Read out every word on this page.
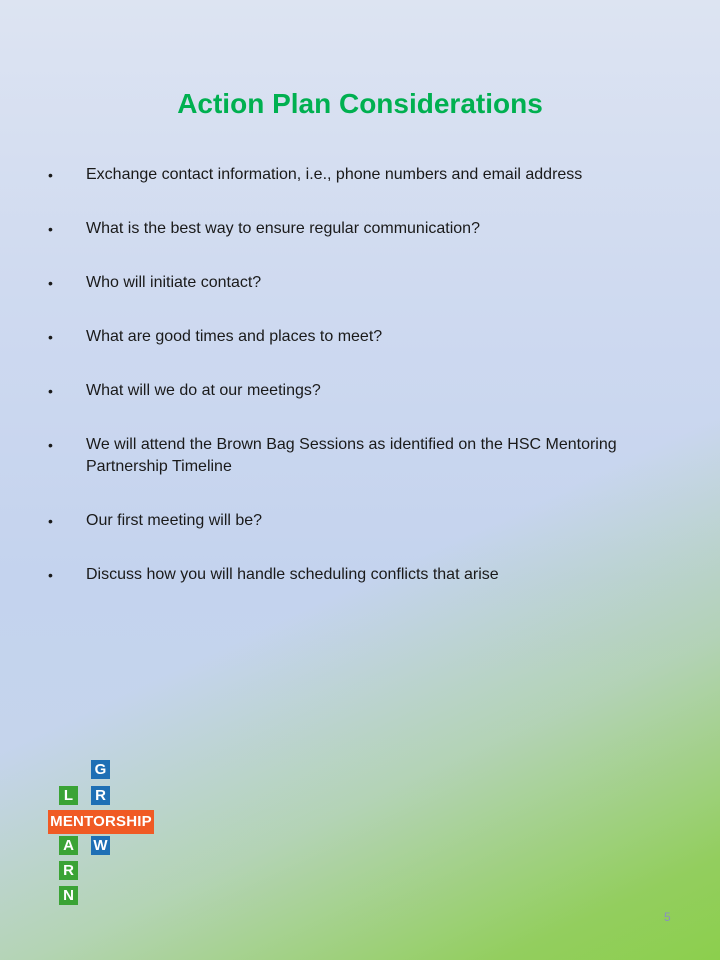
Action Plan Considerations
• Exchange contact information, i.e., phone numbers and email address
• What is the best way to ensure regular communication?
• Who will initiate contact?
• What are good times and places to meet?
• What will we do at our meetings?
• We will attend the Brown Bag Sessions as identified on the HSC Mentoring Partnership Timeline
• Our first meeting will be?
• Discuss how you will handle scheduling conflicts that arise
G
R
W
L
A
R
N
MENTORSHIP
5
